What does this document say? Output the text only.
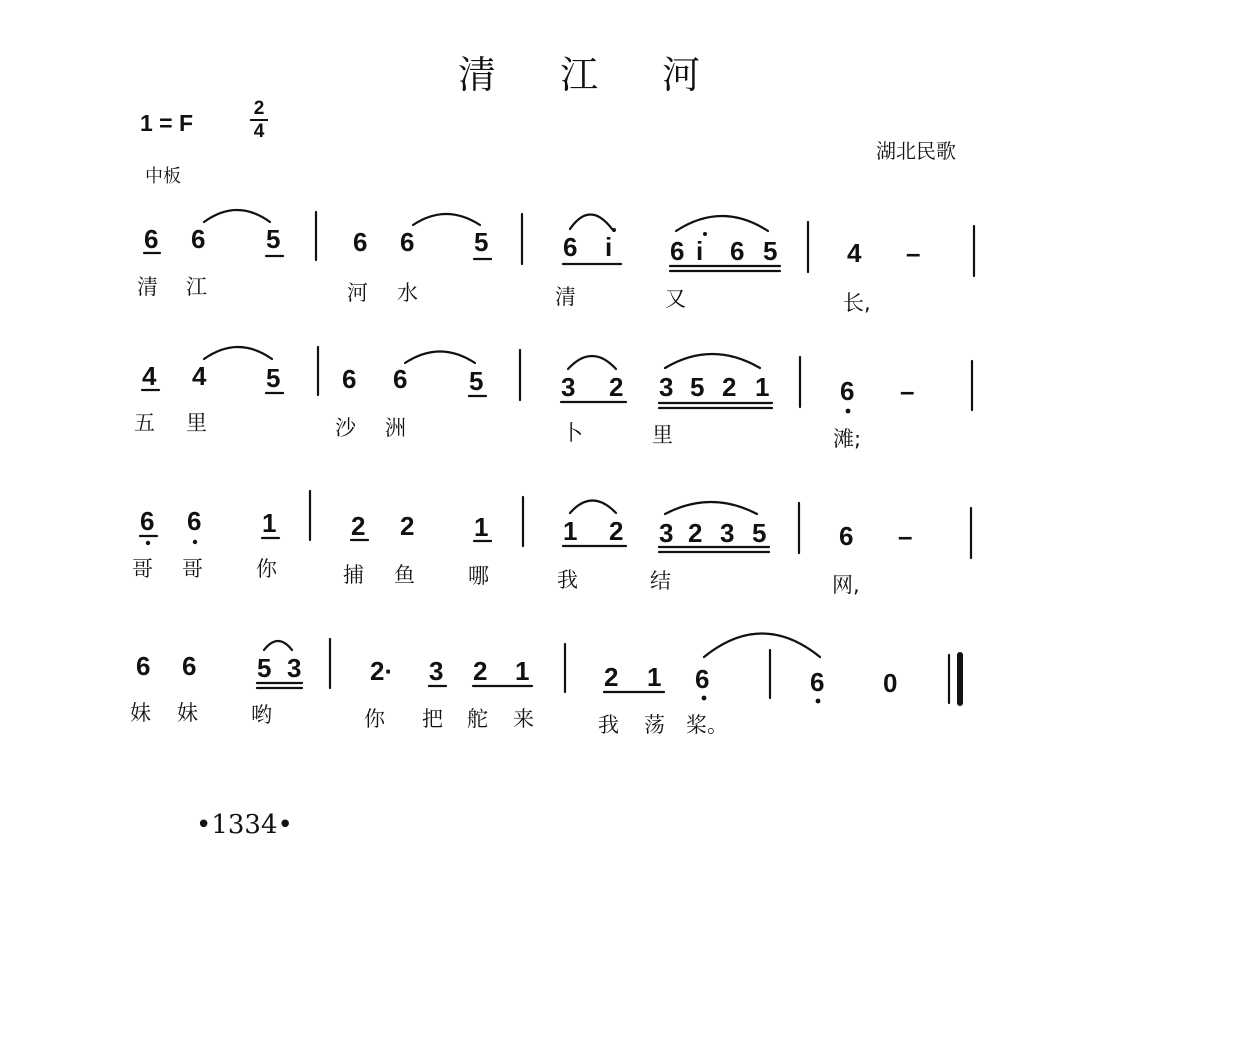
清 江 河
1 = F
2
4
中板
湖北民歌
6 6 5	6 6 5	6 i 6 i 6 5	4 –
清 江	河 水	清	又	长,
4 4 5 6 6 5	3 2 3 5 2 1	6 –
五 里	沙 洲	卜	里	滩;
6 6 1	2 2 1	1 2 3 2 3 5	6 –
哥 哥	你	捕 鱼	哪	我	结	网,
6 6 5 3	2· 3 2 1	2 1 6	6 0
妹 妹	哟	你 把 舵 来	我 荡 桨。
•1334•
